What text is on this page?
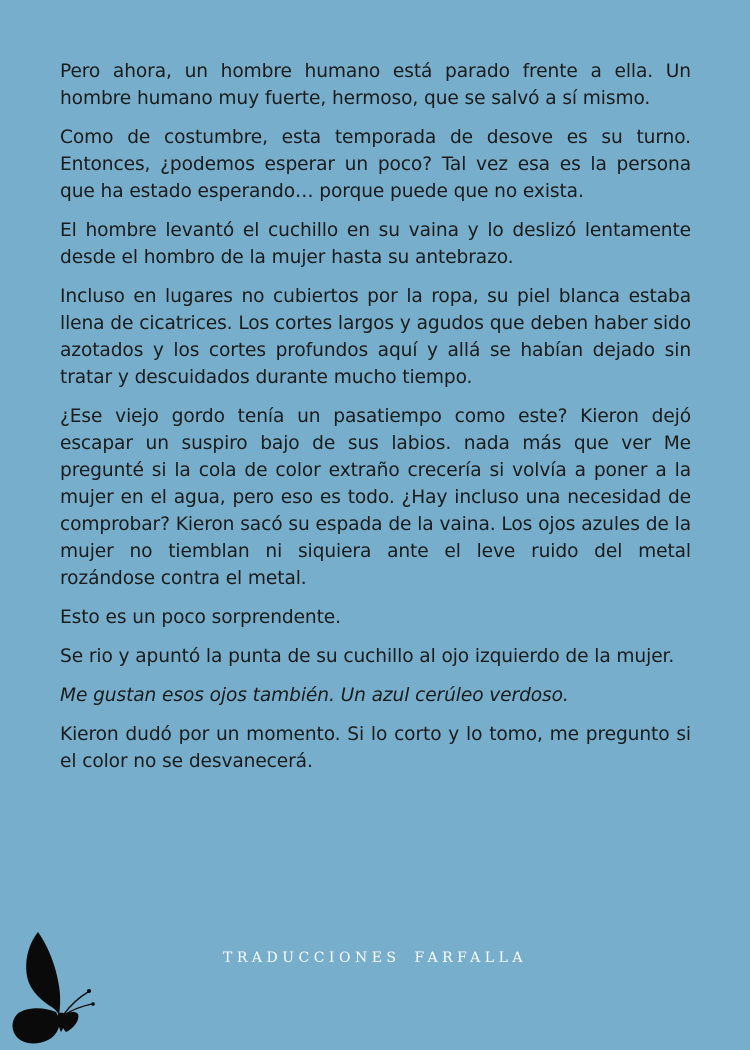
Pero ahora, un hombre humano está parado frente a ella. Un hombre humano muy fuerte, hermoso, que se salvó a sí mismo.

Como de costumbre, esta temporada de desove es su turno. Entonces, ¿podemos esperar un poco? Tal vez esa es la persona que ha estado esperando… porque puede que no exista.

El hombre levantó el cuchillo en su vaina y lo deslizó lentamente desde el hombro de la mujer hasta su antebrazo.

Incluso en lugares no cubiertos por la ropa, su piel blanca estaba llena de cicatrices. Los cortes largos y agudos que deben haber sido azotados y los cortes profundos aquí y allá se habían dejado sin tratar y descuidados durante mucho tiempo.

¿Ese viejo gordo tenía un pasatiempo como este? Kieron dejó escapar un suspiro bajo de sus labios. nada más que ver Me pregunté si la cola de color extraño crecería si volvía a poner a la mujer en el agua, pero eso es todo. ¿Hay incluso una necesidad de comprobar? Kieron sacó su espada de la vaina. Los ojos azules de la mujer no tiemblan ni siquiera ante el leve ruido del metal rozándose contra el metal.

Esto es un poco sorprendente.

Se rio y apuntó la punta de su cuchillo al ojo izquierdo de la mujer.

Me gustan esos ojos también. Un azul cerúleo verdoso.

Kieron dudó por un momento. Si lo corto y lo tomo, me pregunto si el color no se desvanecerá.

TRADUCCIONES FARFALLA
